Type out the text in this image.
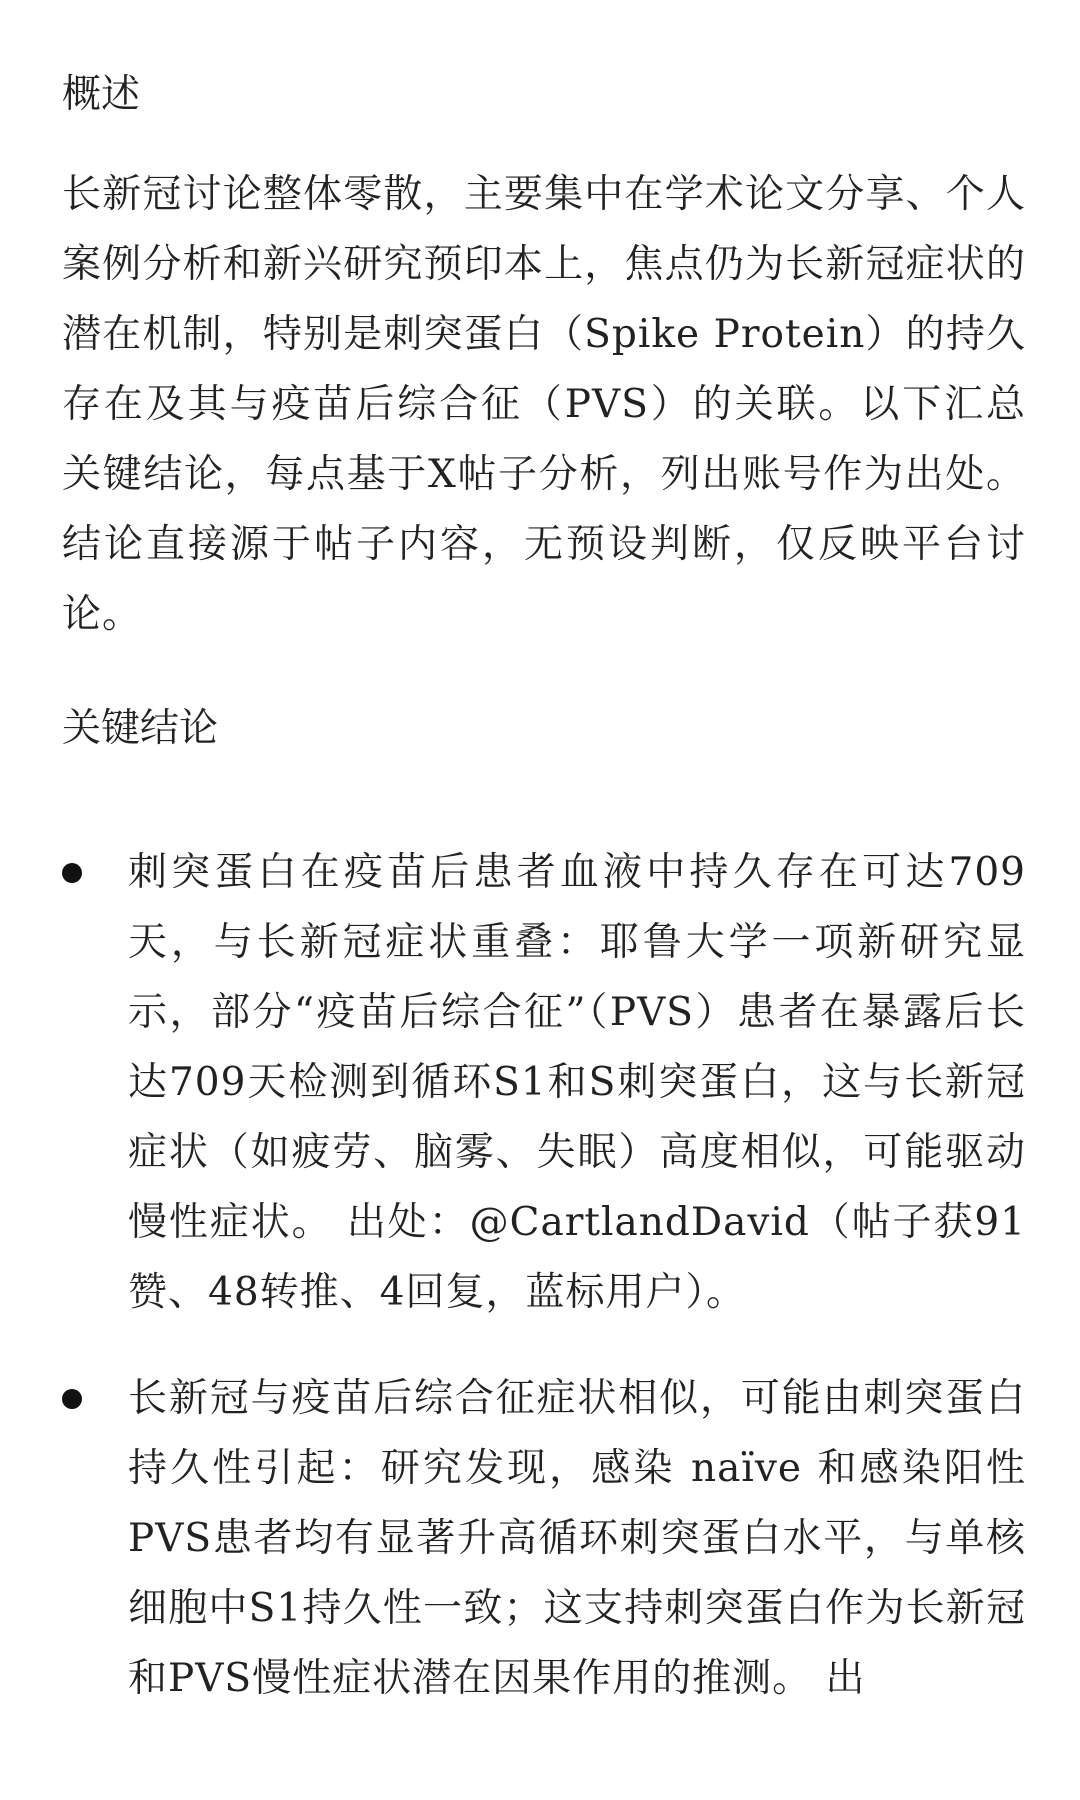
概述

长新冠讨论整体零散，主要集中在学术论文分享、个人案例分析和新兴研究预印本上，焦点仍为长新冠症状的潜在机制，特别是刺突蛋白（Spike Protein）的持久存在及其与疫苗后综合征（PVS）的关联。以下汇总关键结论，每点基于X帖子分析，列出账号作为出处。结论直接源于帖子内容，无预设判断，仅反映平台讨论。

关键结论
刺突蛋白在疫苗后患者血液中持久存在可达709天，与长新冠症状重叠：耶鲁大学一项新研究显示，部分“疫苗后综合征”（PVS）患者在暴露后长达709天检测到循环S1和S刺突蛋白，这与长新冠症状（如疲劳、脑雾、失眠）高度相似，可能驱动慢性症状。 出处：@CartlandDavid（帖子获91赞、48转推、4回复，蓝标用户）。
长新冠与疫苗后综合征症状相似，可能由刺突蛋白持久性引起：研究发现，感染 naïve 和感染阳性PVS患者均有显著升高循环刺突蛋白水平，与单核细胞中S1持久性一致；这支持刺突蛋白作为长新冠和PVS慢性症状潜在因果作用的推测。 出
